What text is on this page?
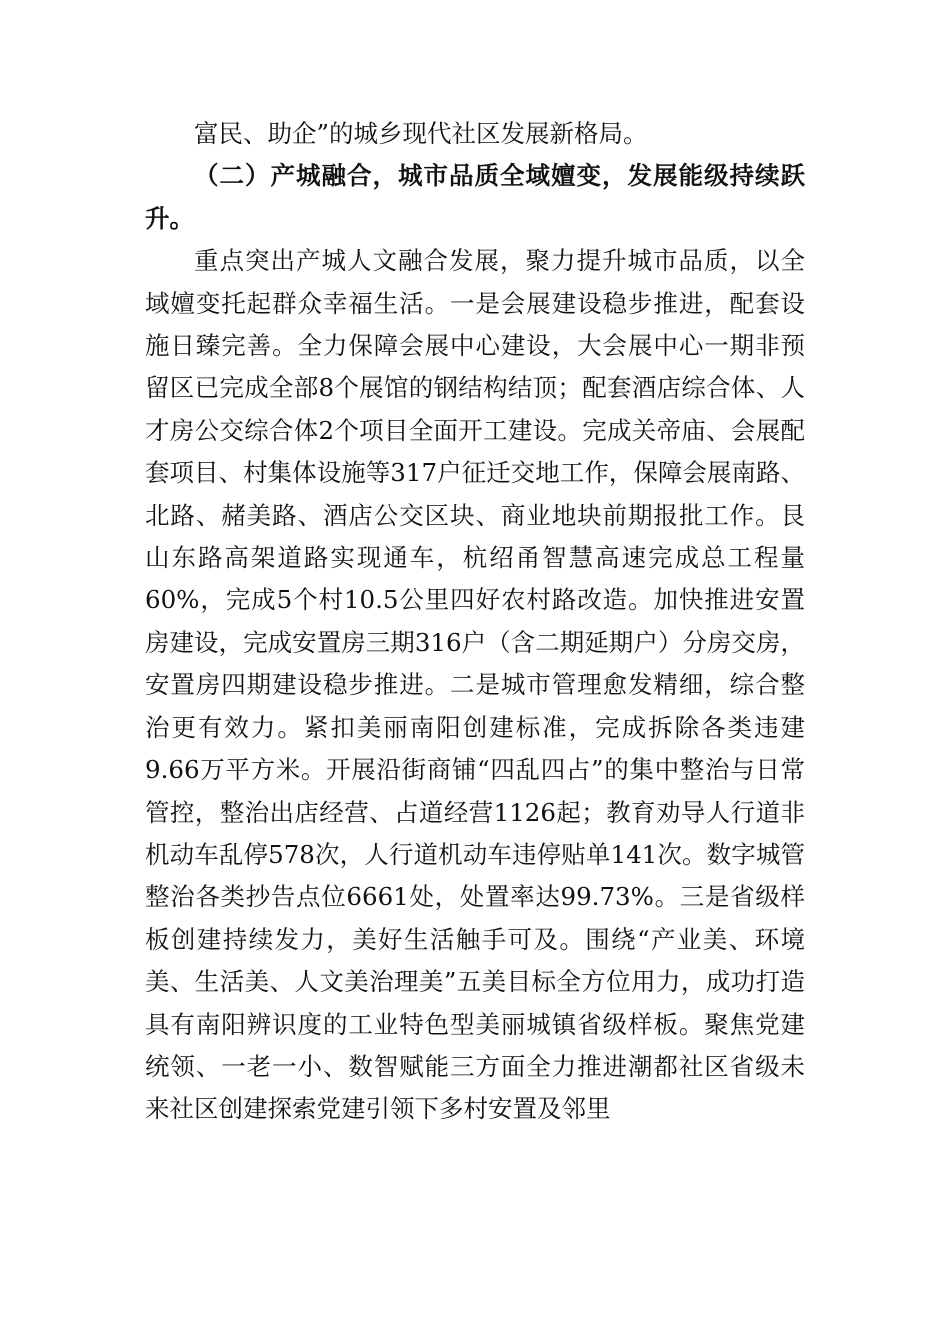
富民、助企”的城乡现代社区发展新格局。

（二）产城融合，城市品质全域嬗变，发展能级持续跃升。

重点突出产城人文融合发展，聚力提升城市品质，以全域嬗变托起群众幸福生活。一是会展建设稳步推进，配套设施日臻完善。全力保障会展中心建设，大会展中心一期非预留区已完成全部8个展馆的钢结构结顶；配套酒店综合体、人才房公交综合体2个项目全面开工建设。完成关帝庙、会展配套项目、村集体设施等317户征迁交地工作，保障会展南路、北路、赭美路、酒店公交区块、商业地块前期报批工作。艮山东路高架道路实现通车，杭绍甬智慧高速完成总工程量60%，完成5个村10.5公里四好农村路改造。加快推进安置房建设，完成安置房三期316户（含二期延期户）分房交房，安置房四期建设稳步推进。二是城市管理愈发精细，综合整治更有效力。紧扣美丽南阳创建标准，完成拆除各类违建9.66万平方米。开展沿街商铺“四乱四占”的集中整治与日常管控，整治出店经营、占道经营1126起；教育劝导人行道非机动车乱停578次，人行道机动车违停贴单141次。数字城管整治各类抄告点位6661处，处置率达99.73%。三是省级样板创建持续发力，美好生活触手可及。围绕“产业美、环境美、生活美、人文美治理美”五美目标全方位用力，成功打造具有南阳辨识度的工业特色型美丽城镇省级样板。聚焦党建统领、一老一小、数智赋能三方面全力推进潮都社区省级未来社区创建探索党建引领下多村安置及邻里
